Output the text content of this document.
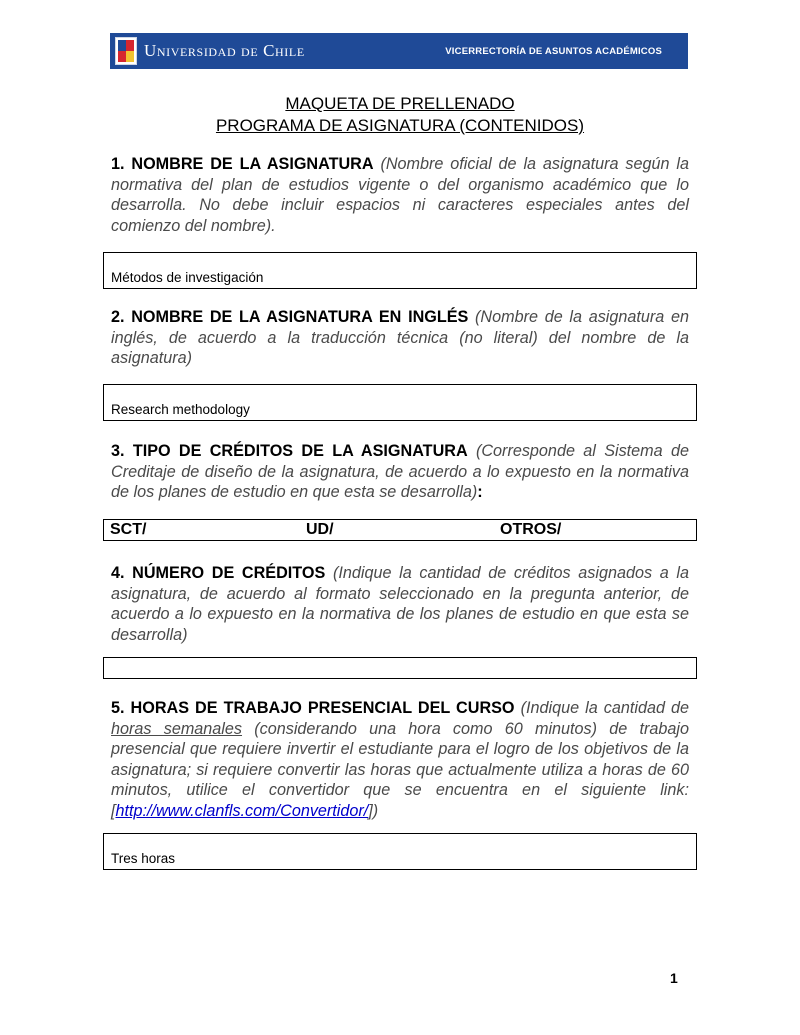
Universidad de Chile	VICERRECTORÍA DE ASUNTOS ACADÉMICOS
MAQUETA DE PRELLENADO
PROGRAMA DE ASIGNATURA (CONTENIDOS)
1. NOMBRE DE LA ASIGNATURA (Nombre oficial de la asignatura según la normativa del plan de estudios vigente o del organismo académico que lo desarrolla. No debe incluir espacios ni caracteres especiales antes del comienzo del nombre).
Métodos de investigación
2. NOMBRE DE LA ASIGNATURA EN INGLÉS (Nombre de la asignatura en inglés, de acuerdo a la traducción técnica (no literal) del nombre de la asignatura)
Research methodology
3. TIPO DE CRÉDITOS DE LA ASIGNATURA (Corresponde al Sistema de Creditaje de diseño de la asignatura, de acuerdo a lo expuesto en la normativa de los planes de estudio en que esta se desarrolla):
SCT/	UD/	OTROS/
4. NÚMERO DE CRÉDITOS (Indique la cantidad de créditos asignados a la asignatura, de acuerdo al formato seleccionado en la pregunta anterior, de acuerdo a lo expuesto en la normativa de los planes de estudio en que esta se desarrolla)
5. HORAS DE TRABAJO PRESENCIAL DEL CURSO (Indique la cantidad de horas semanales (considerando una hora como 60 minutos) de trabajo presencial que requiere invertir el estudiante para el logro de los objetivos de la asignatura; si requiere convertir las horas que actualmente utiliza a horas de 60 minutos, utilice el convertidor que se encuentra en el siguiente link: [http://www.clanfls.com/Convertidor/])
Tres horas
1
